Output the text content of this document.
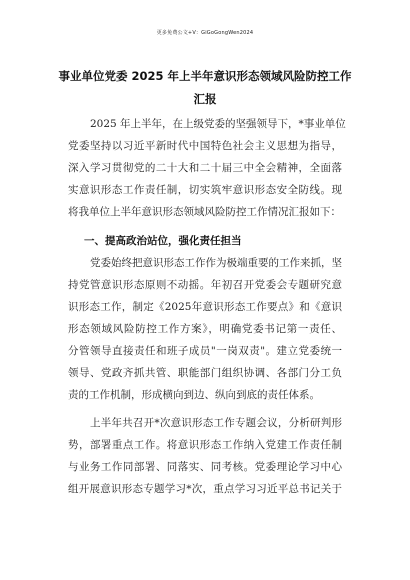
更多免费公文+V：GiGoGongWen2024
事业单位党委 2025 年上半年意识形态领域风险防控工作
汇报
2025 年上半年，在上级党委的坚强领导下，*事业单位
党委坚持以习近平新时代中国特色社会主义思想为指导，
深入学习贯彻党的二十大和二十届三中全会精神，全面落
实意识形态工作责任制，切实筑牢意识形态安全防线。现
将我单位上半年意识形态领域风险防控工作情况汇报如下：
一、提高政治站位，强化责任担当
党委始终把意识形态工作作为极端重要的工作来抓，坚
持党管意识形态原则不动摇。年初召开党委会专题研究意
识形态工作，制定《2025年意识形态工作要点》和《意识
形态领域风险防控工作方案》，明确党委书记第一责任、
分管领导直接责任和班子成员"一岗双责"。建立党委统一
领导、党政齐抓共管、职能部门组织协调、各部门分工负
责的工作机制，形成横向到边、纵向到底的责任体系。
上半年共召开*次意识形态工作专题会议，分析研判形
势，部署重点工作。将意识形态工作纳入党建工作责任制
与业务工作同部署、同落实、同考核。党委理论学习中心
组开展意识形态专题学习*次，重点学习习近平总书记关于
